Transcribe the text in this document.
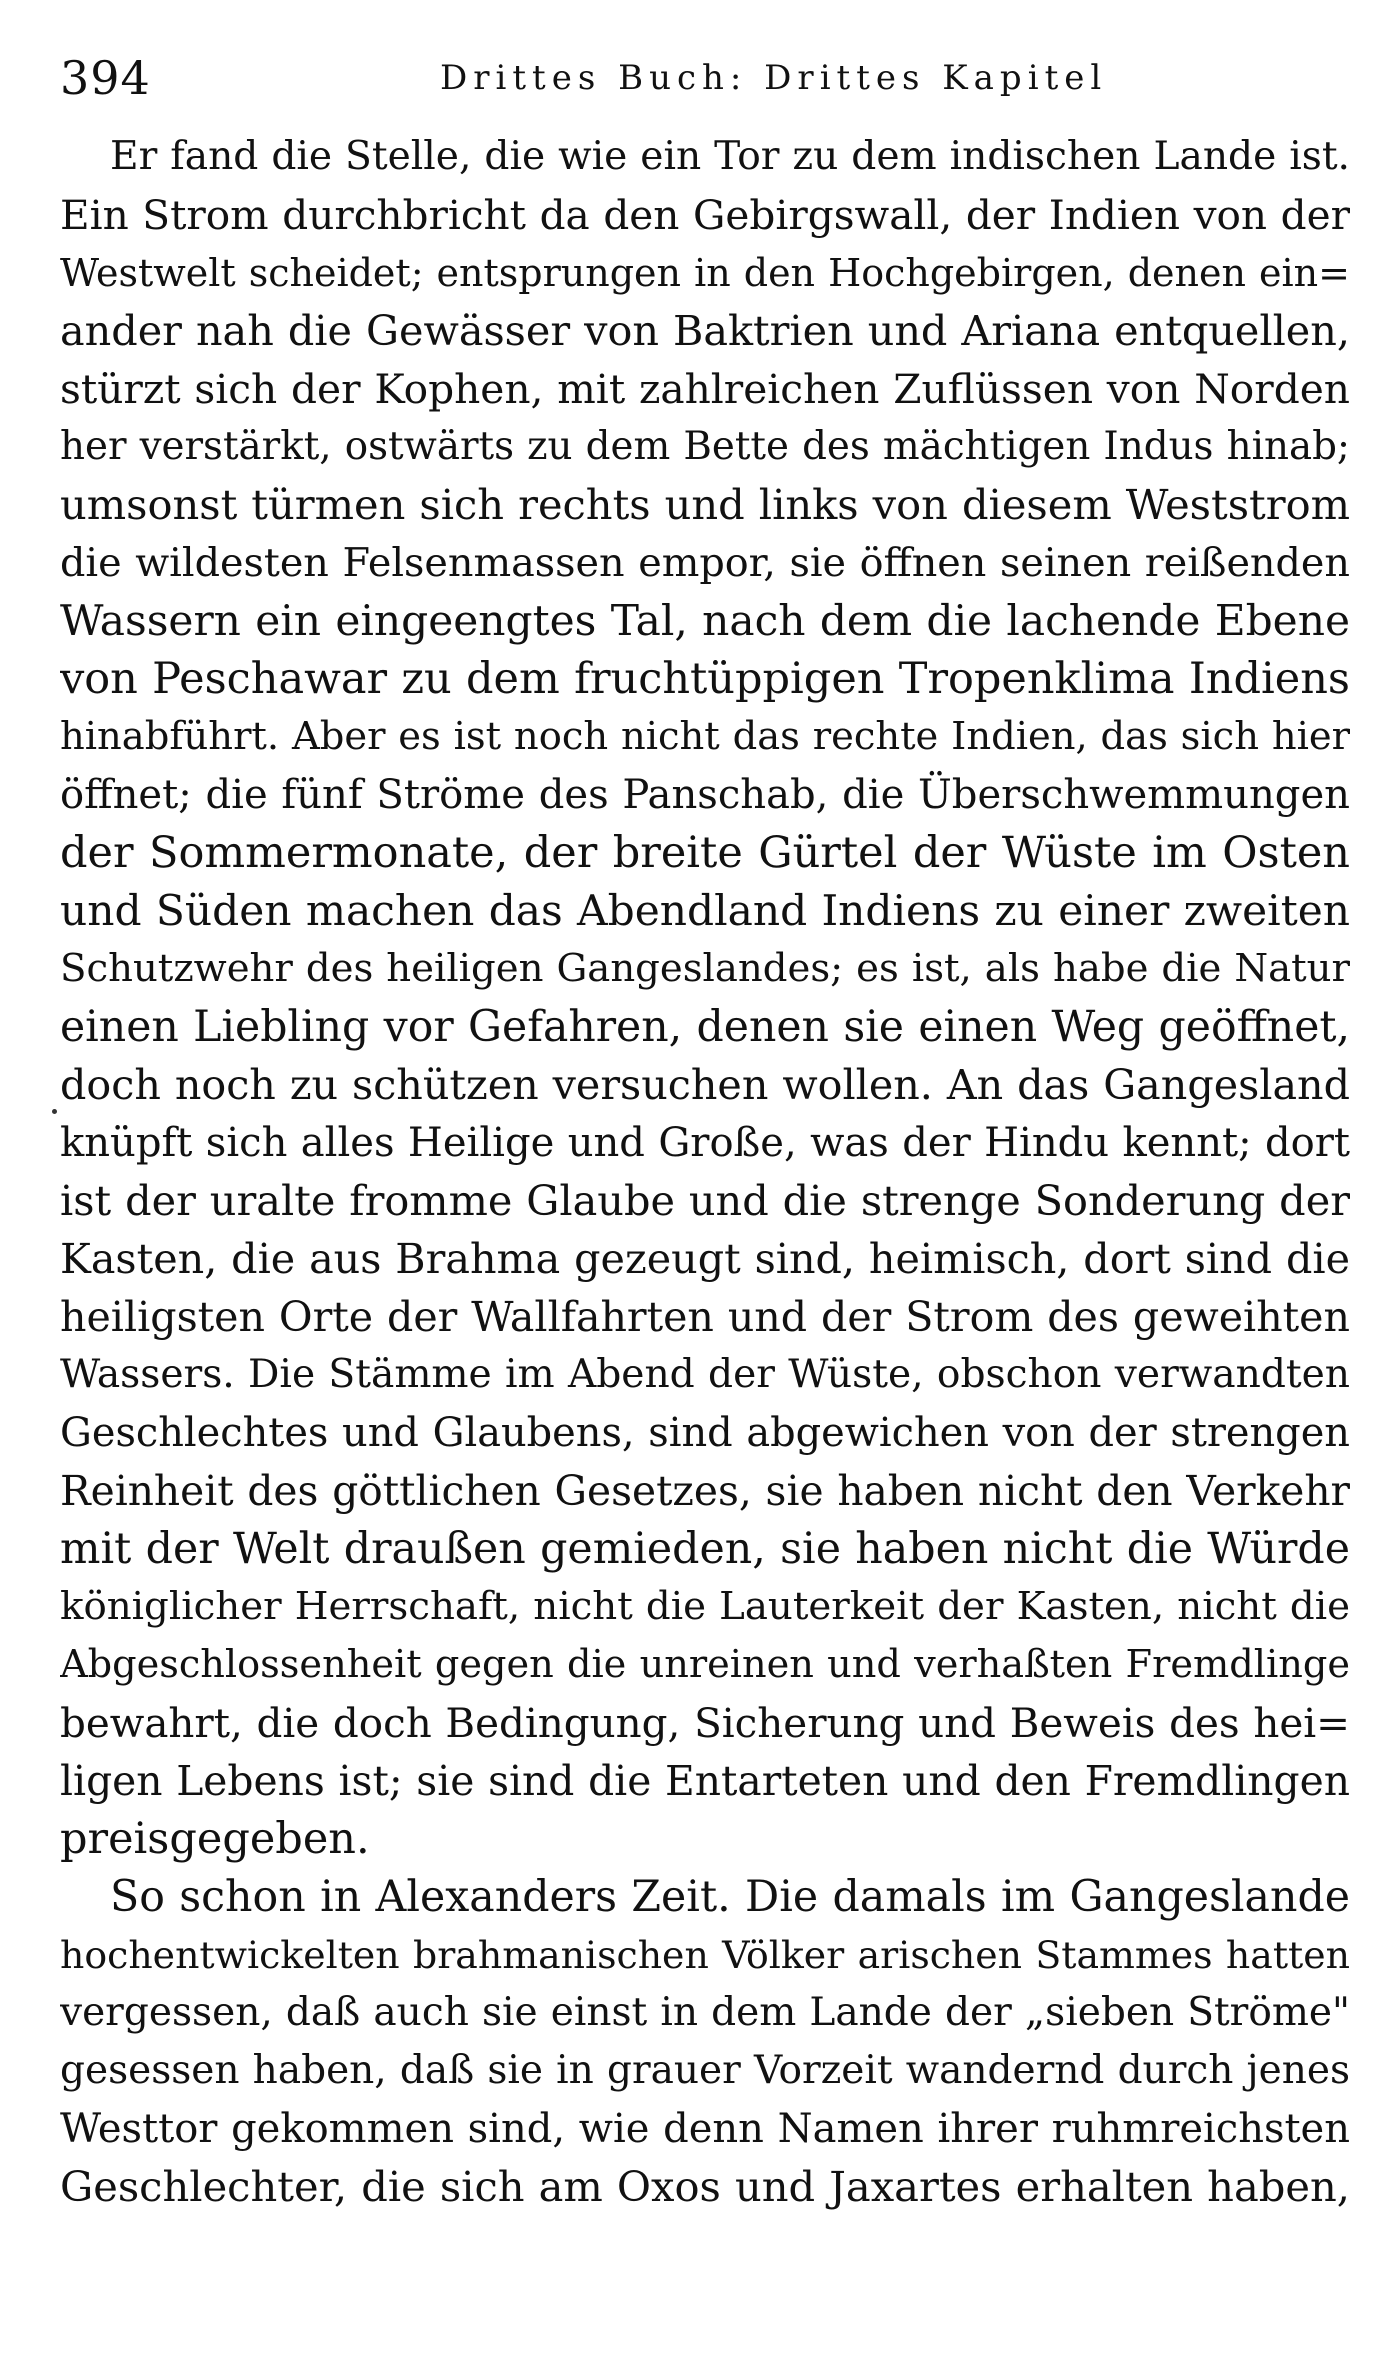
394	Drittes Buch: Drittes Kapitel
Er fand die Stelle, die wie ein Tor zu dem indischen Lande ist.
Ein Strom durchbricht da den Gebirgswall, der Indien von der
Westwelt scheidet; entsprungen in den Hochgebirgen, denen ein=
ander nah die Gewässer von Baktrien und Ariana entquellen,
stürzt sich der Kophen, mit zahlreichen Zuflüssen von Norden
her verstärkt, ostwärts zu dem Bette des mächtigen Indus hinab;
umsonst türmen sich rechts und links von diesem Weststrom
die wildesten Felsenmassen empor, sie öffnen seinen reißenden
Wassern ein eingeengtes Tal, nach dem die lachende Ebene
von Peschawar zu dem fruchtüppigen Tropenklima Indiens
hinabführt. Aber es ist noch nicht das rechte Indien, das sich hier
öffnet; die fünf Ströme des Panschab, die Überschwemmungen
der Sommermonate, der breite Gürtel der Wüste im Osten
und Süden machen das Abendland Indiens zu einer zweiten
Schutzwehr des heiligen Gangeslandes; es ist, als habe die Natur
einen Liebling vor Gefahren, denen sie einen Weg geöffnet,
doch noch zu schützen versuchen wollen. An das Gangesland
knüpft sich alles Heilige und Große, was der Hindu kennt; dort
ist der uralte fromme Glaube und die strenge Sonderung der
Kasten, die aus Brahma gezeugt sind, heimisch, dort sind die
heiligsten Orte der Wallfahrten und der Strom des geweihten
Wassers. Die Stämme im Abend der Wüste, obschon verwandten
Geschlechtes und Glaubens, sind abgewichen von der strengen
Reinheit des göttlichen Gesetzes, sie haben nicht den Verkehr
mit der Welt draußen gemieden, sie haben nicht die Würde
königlicher Herrschaft, nicht die Lauterkeit der Kasten, nicht die
Abgeschlossenheit gegen die unreinen und verhaßten Fremdlinge
bewahrt, die doch Bedingung, Sicherung und Beweis des hei=
ligen Lebens ist; sie sind die Entarteten und den Fremdlingen
preisgegeben.
So schon in Alexanders Zeit. Die damals im Gangeslande
hochentwickelten brahmanischen Völker arischen Stammes hatten
vergessen, daß auch sie einst in dem Lande der „sieben Ströme"
gesessen haben, daß sie in grauer Vorzeit wandernd durch jenes
Westtor gekommen sind, wie denn Namen ihrer ruhmreichsten
Geschlechter, die sich am Oxos und Jaxartes erhalten haben,
